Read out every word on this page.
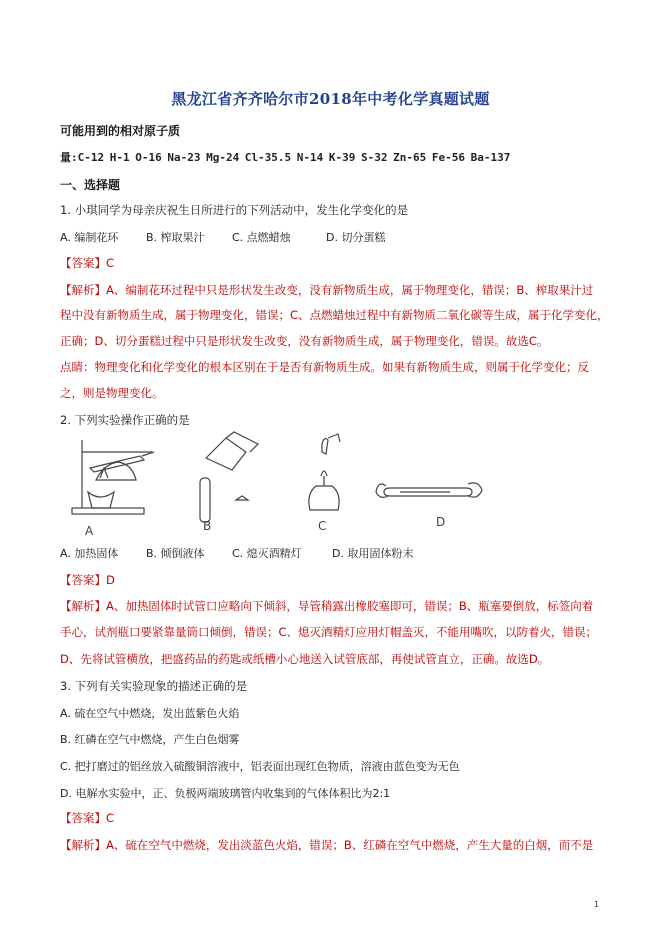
黑龙江省齐齐哈尔市2018年中考化学真题试题
可能用到的相对原子质
量:C-12 H-1 O-16 Na-23 Mg-24 Cl-35.5 N-14 K-39 S-32 Zn-65 Fe-56 Ba-137
一、选择题
1. 小琪同学为母亲庆祝生日所进行的下列活动中，发生化学变化的是
A. 编制花环	B. 榨取果汁 C. 点燃蜡烛	D. 切分蛋糕
【答案】C
【解析】A、编制花环过程中只是形状发生改变，没有新物质生成，属于物理变化，错误；B、榨取果汁过
程中没有新物质生成，属于物理变化，错误；C、点燃蜡烛过程中有新物质二氧化碳等生成，属于化学变化，
正确；D、切分蛋糕过程中只是形状发生改变，没有新物质生成，属于物理变化，错误。故选C。
点睛：物理变化和化学变化的根本区别在于是否有新物质生成。如果有新物质生成，则属于化学变化；反
之，则是物理变化。
2. 下列实验操作正确的是
A	B	C	D
A. 加热固体	B. 倾倒液体 C. 熄灭酒精灯	D. 取用固体粉末
【答案】D
【解析】A、加热固体时试管口应略向下倾斜，导管稍露出橡胶塞即可，错误；B、瓶塞要倒放，标签向着
手心，试剂瓶口要紧靠量筒口倾倒，错误；C、熄灭酒精灯应用灯帽盖灭，不能用嘴吹，以防着火，错误；
D、先将试管横放，把盛药品的药匙或纸槽小心地送入试管底部，再使试管直立，正确。故选D。
3. 下列有关实验现象的描述正确的是
A. 硫在空气中燃烧，发出蓝紫色火焰
B. 红磷在空气中燃烧，产生白色烟雾
C. 把打磨过的铝丝放入硫酸铜溶液中，铝表面出现红色物质，溶液由蓝色变为无色
D. 电解水实验中，正、负极两端玻璃管内收集到的气体体积比为2:1
【答案】C
【解析】A、硫在空气中燃烧，发出淡蓝色火焰，错误；B、红磷在空气中燃烧，产生大量的白烟，而不是
1
